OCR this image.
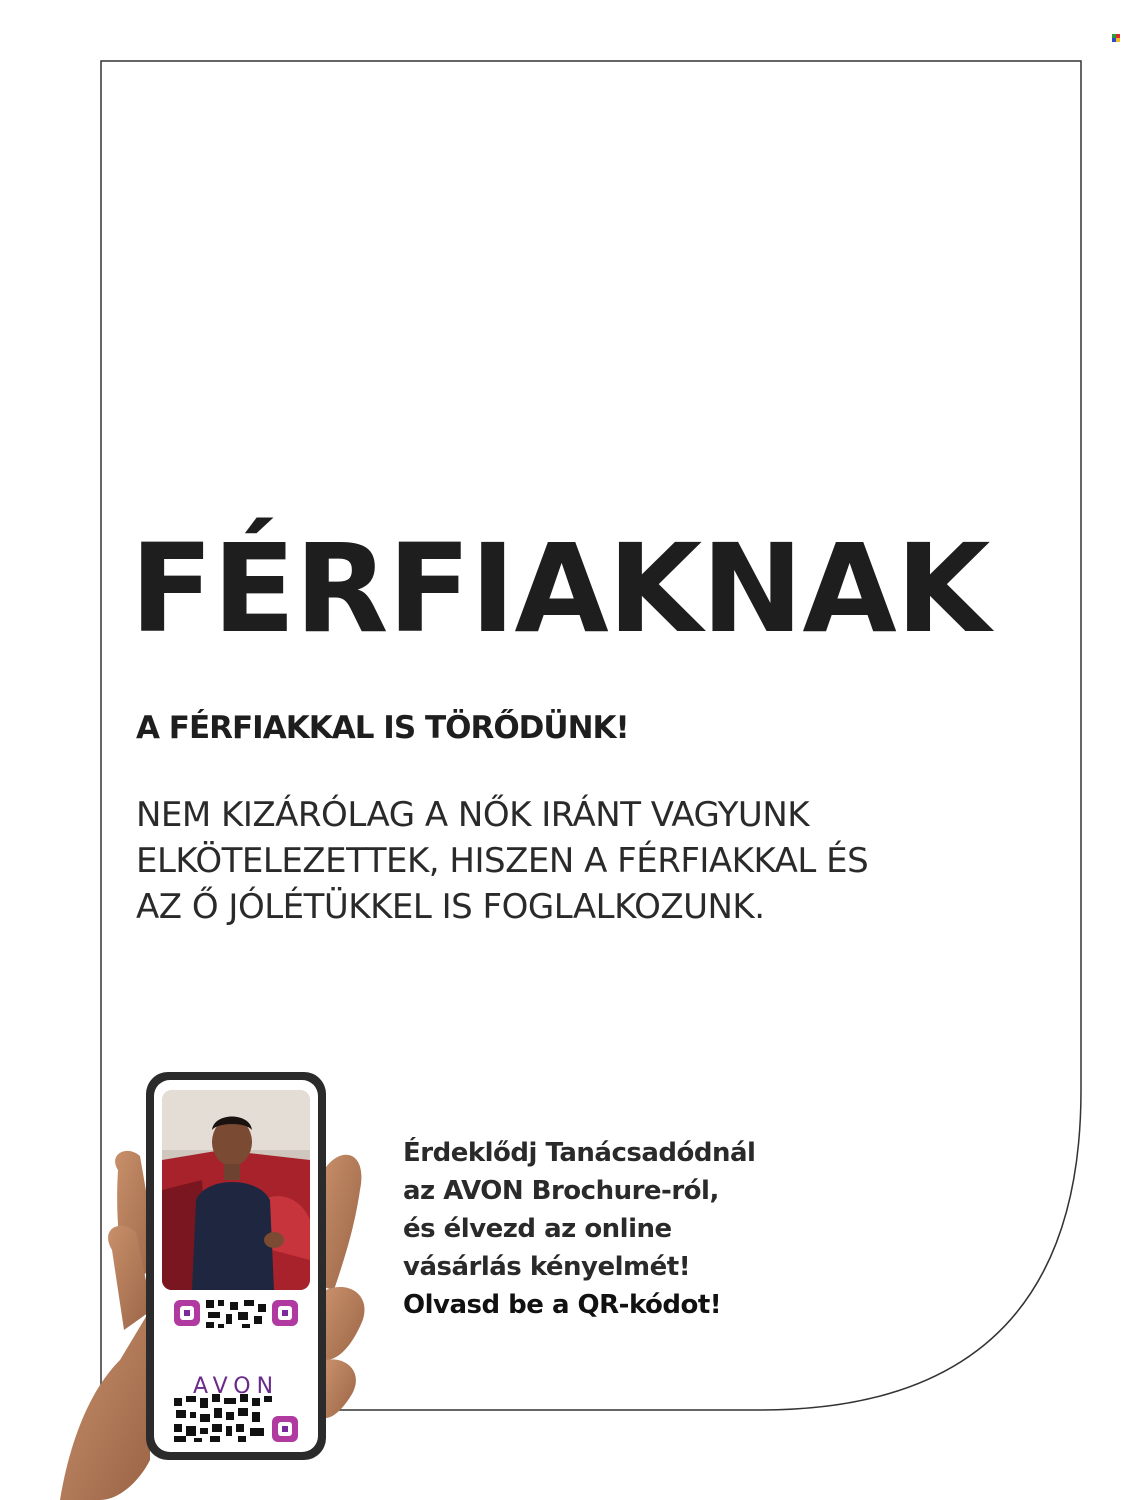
FÉRFIAKNAK
A FÉRFIAKKAL IS TÖRŐDÜNK!
NEM KIZÁRÓLAG A NŐK IRÁNT VAGYUNK
ELKÖTELEZETTEK, HISZEN A FÉRFIAKKAL ÉS
AZ Ő JÓLÉTÜKKEL IS FOGLALKOZUNK.
Érdeklődj Tanácsadódnál
az AVON Brochure-ról,
és élvezd az online
vásárlás kényelmét!
Olvasd be a QR-kódot!
AVON
